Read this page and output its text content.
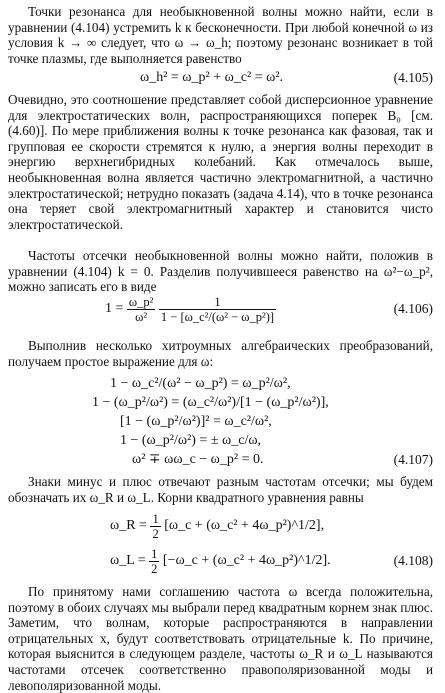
Точки резонанса для необыкновенной волны можно найти, если в уравнении (4.104) устремить k к бесконечности. При любой конечной ω из условия k → ∞ следует, что ω → ω_h; поэтому резонанс возникает в той точке плазмы, где выполняется равенство
ω_h² = ω_p² + ω_c² = ω².	(4.105)
Очевидно, это соотношение представляет собой дисперсионное уравнение для электростатических волн, распространяющихся поперек B₀ [см. (4.60)]. По мере приближения волны к точке резонанса как фазовая, так и групповая ее скорости стремятся к нулю, а энергия волны переходит в энергию верхнегибридных колебаний. Как отмечалось выше, необыкновенная волна является частично электромагнитной, а частично электростатической; нетрудно показать (задача 4.14), что в точке резонанса она теряет свой электромагнитный характер и становится чисто электростатической.
Частоты отсечки необыкновенной волны можно найти, положив в уравнении (4.104) k = 0. Разделив получившееся равенство на ω²−ω_p², можно записать его в виде
1 =
$\frac{\text{ω\_p²}}{\text{ω²}}$
$\frac{1}{\text{1 − [ω\_c²/(ω² − ω\_p²)]}}$	(4.106)
Выполнив несколько хитроумных алгебраических преобразований, получаем простое выражение для ω:
1 − ω_c²/(ω² − ω_p²) = ω_p²/ω²,
1 − (ω_p²/ω²) = (ω_c²/ω²)/[1 − (ω_p²/ω²)],
[1 − (ω_p²/ω²)]² = ω_c²/ω²,
1 − (ω_p²/ω²) = ± ω_c/ω,
ω² ∓ ωω_c − ω_p² = 0.	(4.107)
Знаки минус и плюс отвечают разным частотам отсечки; мы будем обозначать их ω_R и ω_L. Корни квадратного уравнения равны
ω_R =
$\frac{1}{2}$
[ω_c + (ω_c² + 4ω_p²)^1/2],
ω_L =
$\frac{1}{2}$
[−ω_c + (ω_c² + 4ω_p²)^1/2].	(4.108)
По принятому нами соглашению частота ω всегда положительна, поэтому в обоих случаях мы выбрали перед квадратным корнем знак плюс. Заметим, что волнам, которые распространяются в направлении отрицательных x, будут соответствовать отрицательные k. По причине, которая выяснится в следующем разделе, частоты ω_R и ω_L называются частотами отсечек соответственно правополяризованной моды и левополяризованной моды.
